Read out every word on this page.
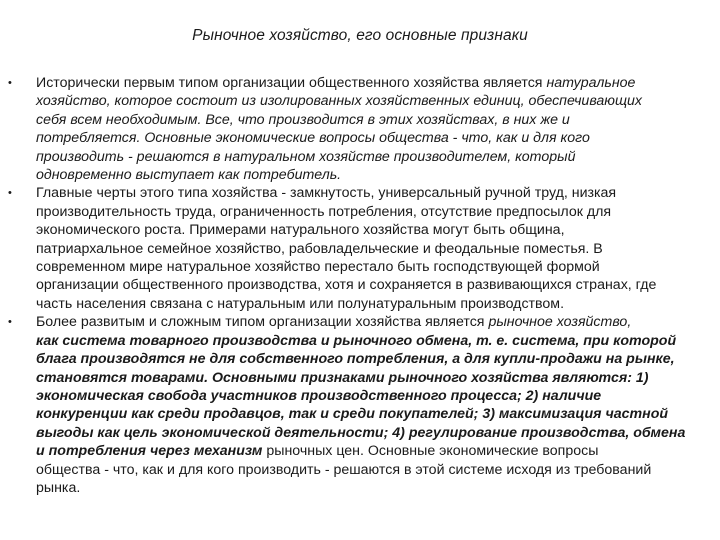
Рыночное хозяйство, его основные признаки
• Исторически первым типом организации общественного хозяйства является натуральное
хозяйство, которое состоит из изолированных хозяйственных единиц, обеспечивающих
себя всем необходимым. Все, что производится в этих хозяйствах, в них же и
потребляется. Основные экономические вопросы общества - что, как и для кого
производить - решаются в натуральном хозяйстве производителем, который
одновременно выступает как потребитель.
• Главные черты этого типа хозяйства - замкнутость, универсальный ручной труд, низкая
производительность труда, ограниченность потребления, отсутствие предпосылок для
экономического роста. Примерами натурального хозяйства могут быть община,
патриархальное семейное хозяйство, рабовладельческие и феодальные поместья. В
современном мире натуральное хозяйство перестало быть господствующей формой
организации общественного производства, хотя и сохраняется в развивающихся странах, где
часть населения связана с натуральным или полунатуральным производством.
• Более развитым и сложным типом организации хозяйства является рыночное хозяйство,
как система товарного производства и рыночного обмена, т. е. система, при которой
блага производятся не для собственного потребления, а для купли-продажи на рынке,
становятся товарами. Основными признаками рыночного хозяйства являются: 1)
экономическая свобода участников производственного процесса; 2) наличие
конкуренции как среди продавцов, так и среди покупателей; 3) максимизация частной
выгоды как цель экономической деятельности; 4) регулирование производства, обмена
и потребления через механизм рыночных цен. Основные экономические вопросы
общества - что, как и для кого производить - решаются в этой системе исходя из требований
рынка.
